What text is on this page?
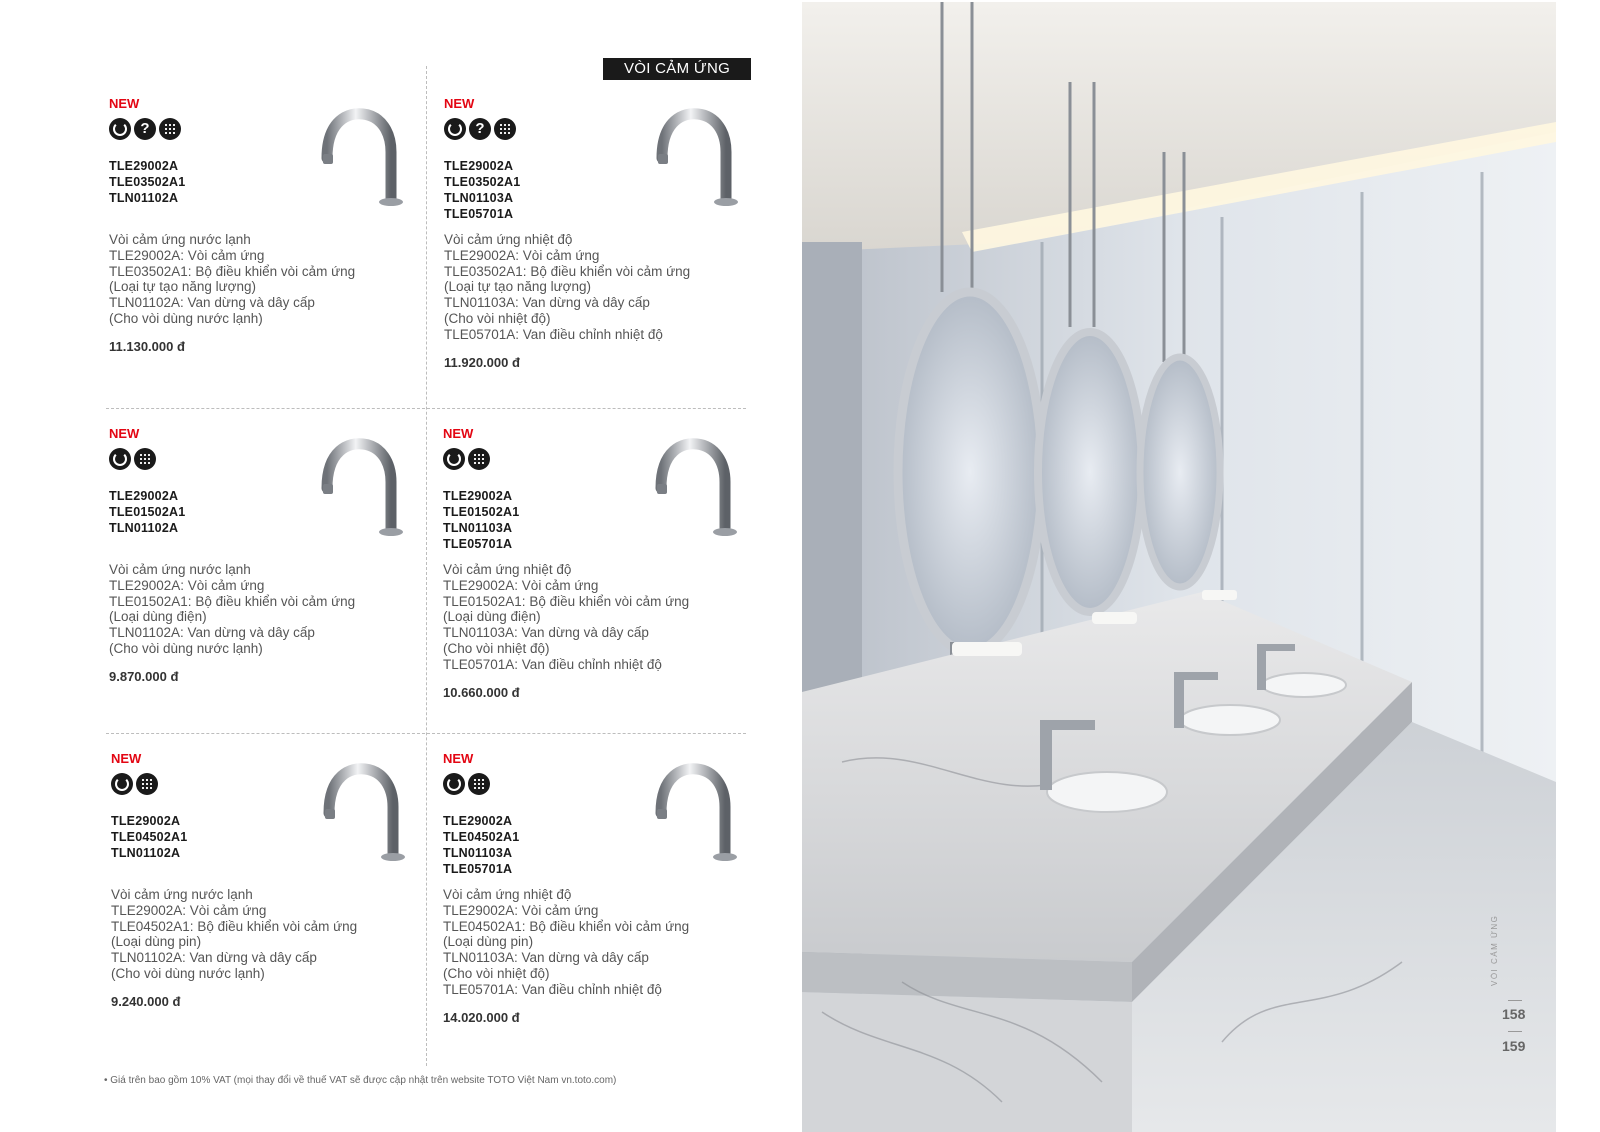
VÒI CẢM ỨNG
NEW
?
TLE29002A
TLE03502A1
TLN01102A
Vòi cảm ứng nước lạnh
TLE29002A: Vòi cảm ứng
TLE03502A1: Bộ điều khiển vòi cảm ứng
(Loại tự tạo năng lượng)
TLN01102A: Van dừng và dây cấp
(Cho vòi dùng nước lạnh)
11.130.000 đ
NEW
?
TLE29002A
TLE03502A1
TLN01103A
TLE05701A
Vòi cảm ứng nhiệt độ
TLE29002A: Vòi cảm ứng
TLE03502A1: Bộ điều khiển vòi cảm ứng
(Loại tự tạo năng lượng)
TLN01103A: Van dừng và dây cấp
(Cho vòi nhiệt độ)
TLE05701A: Van điều chỉnh nhiệt độ
11.920.000 đ
NEW
TLE29002A
TLE01502A1
TLN01102A
Vòi cảm ứng nước lạnh
TLE29002A: Vòi cảm ứng
TLE01502A1: Bộ điều khiển vòi cảm ứng
(Loại dùng điện)
TLN01102A: Van dừng và dây cấp
(Cho vòi dùng nước lạnh)
9.870.000 đ
NEW
TLE29002A
TLE01502A1
TLN01103A
TLE05701A
Vòi cảm ứng nhiệt độ
TLE29002A: Vòi cảm ứng
TLE01502A1: Bộ điều khiển vòi cảm ứng
(Loại dùng điện)
TLN01103A: Van dừng và dây cấp
(Cho vòi nhiệt độ)
TLE05701A: Van điều chỉnh nhiệt độ
10.660.000 đ
NEW
TLE29002A
TLE04502A1
TLN01102A
Vòi cảm ứng nước lạnh
TLE29002A: Vòi cảm ứng
TLE04502A1: Bộ điều khiển vòi cảm ứng
(Loại dùng pin)
TLN01102A: Van dừng và dây cấp
(Cho vòi dùng nước lạnh)
9.240.000 đ
NEW
TLE29002A
TLE04502A1
TLN01103A
TLE05701A
Vòi cảm ứng nhiệt độ
TLE29002A: Vòi cảm ứng
TLE04502A1: Bộ điều khiển vòi cảm ứng
(Loại dùng pin)
TLN01103A: Van dừng và dây cấp
(Cho vòi nhiệt độ)
TLE05701A: Van điều chỉnh nhiệt độ
14.020.000 đ
• Giá trên bao gồm 10% VAT (mọi thay đổi về thuế VAT sẽ được cập nhật trên website TOTO Việt Nam vn.toto.com)
VÒI CẢM ỨNG
158
159
